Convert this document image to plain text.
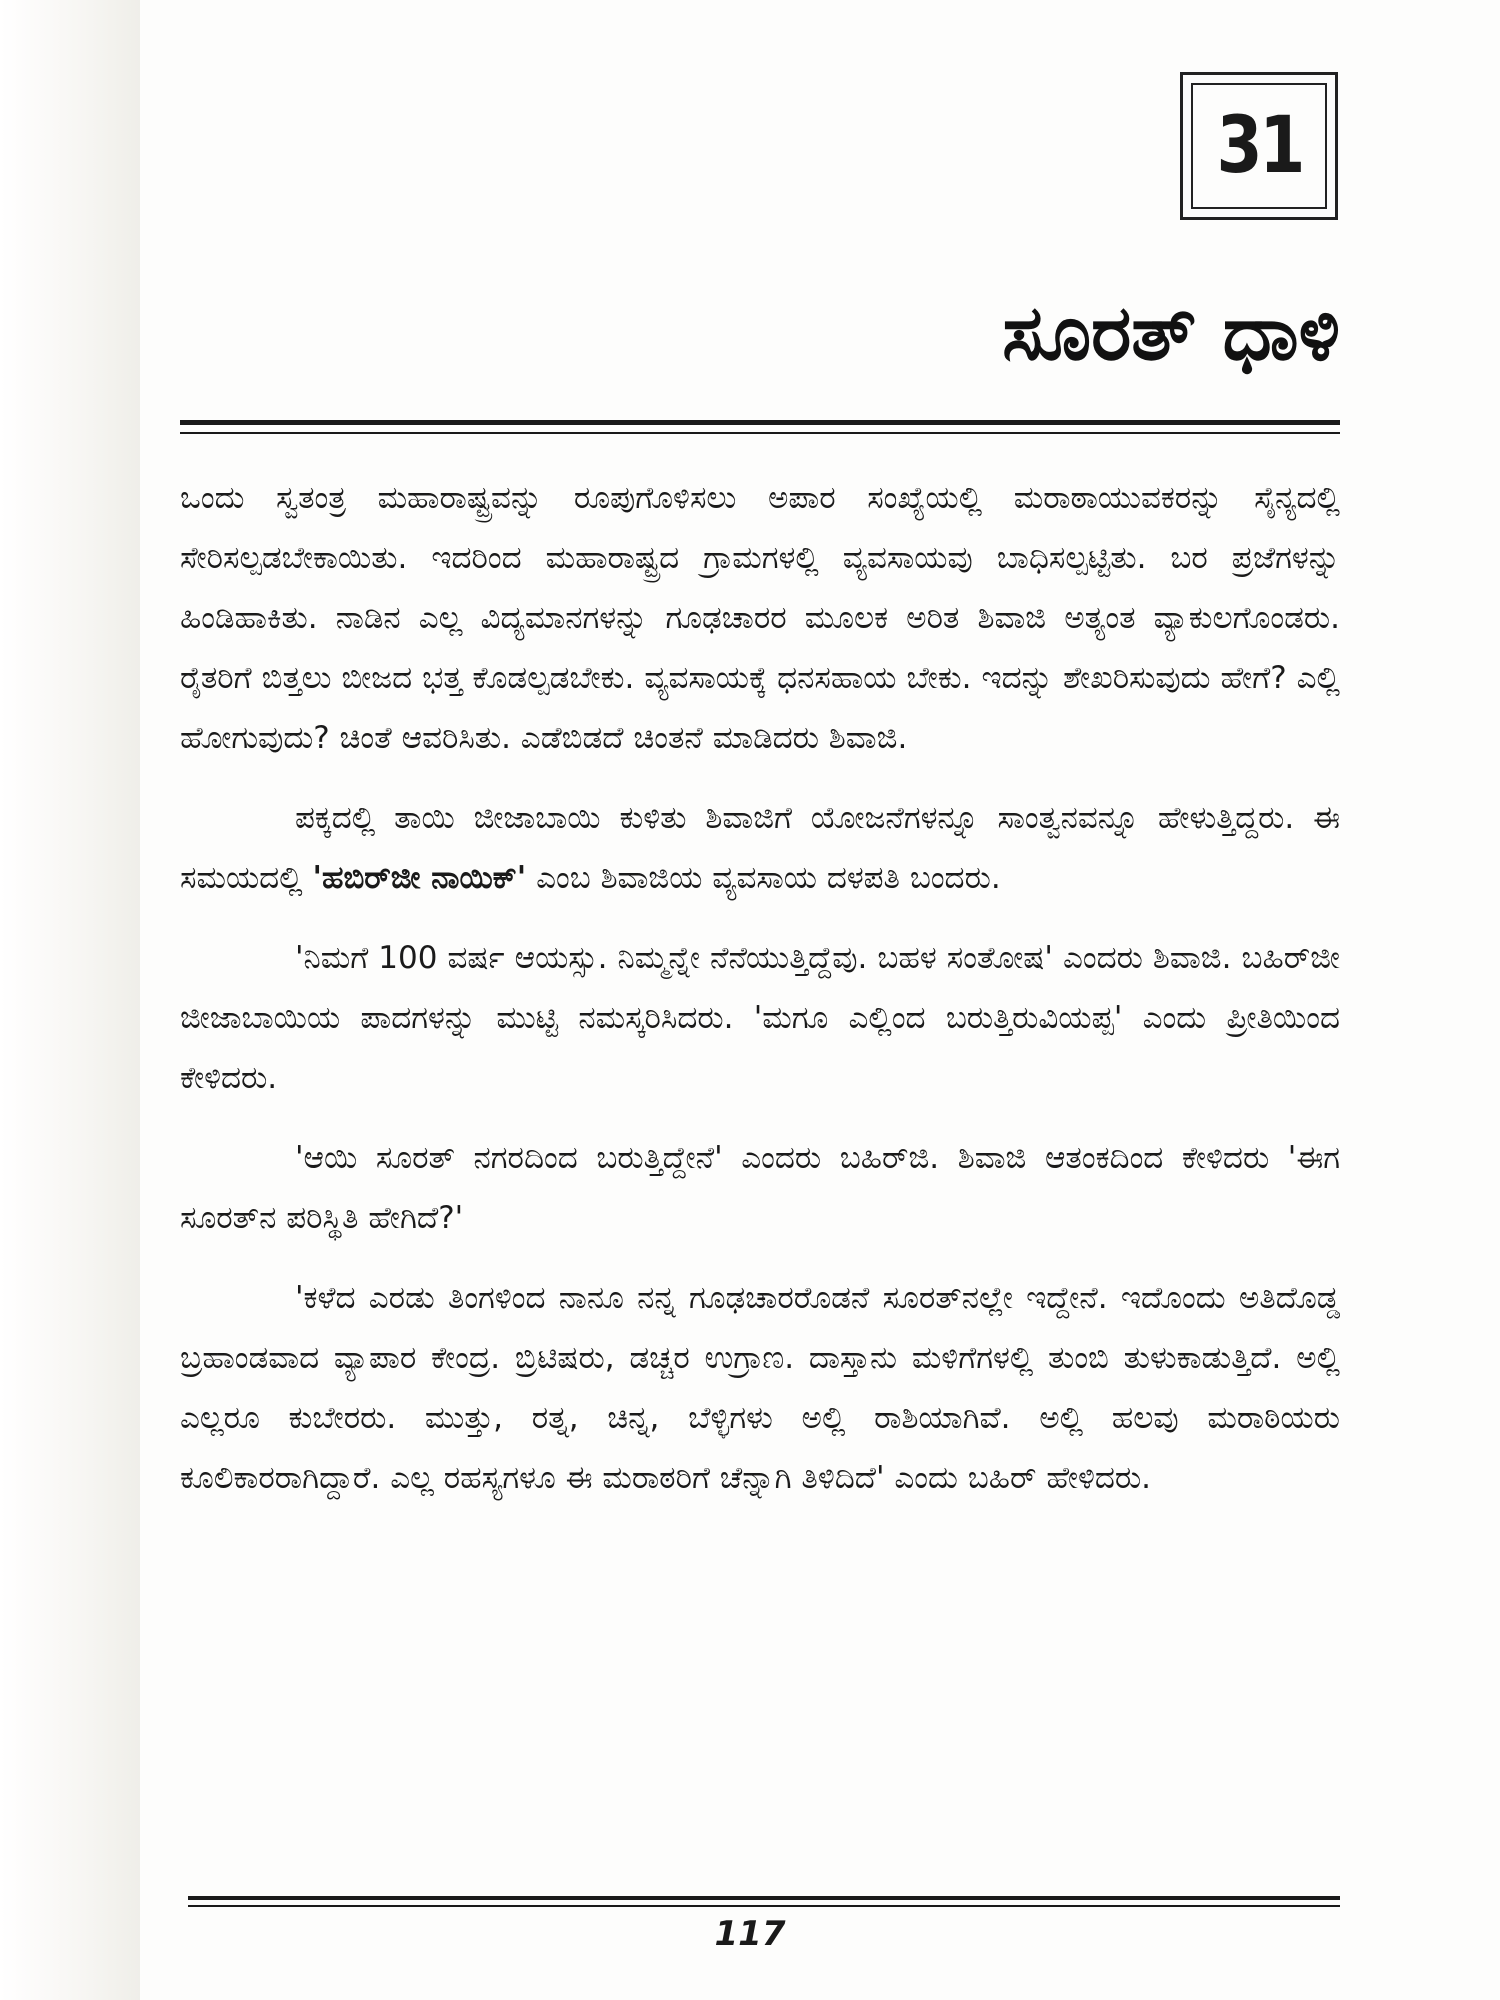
31
ಸೂರತ್ ಧಾಳಿ

ಒಂದು ಸ್ವತಂತ್ರ ಮಹಾರಾಷ್ಟ್ರವನ್ನು ರೂಪುಗೊಳಿಸಲು ಅಪಾರ ಸಂಖ್ಯೆಯಲ್ಲಿ ಮರಾಠಾಯುವಕರನ್ನು ಸೈನ್ಯದಲ್ಲಿ ಸೇರಿಸಲ್ಪಡಬೇಕಾಯಿತು. ಇದರಿಂದ ಮಹಾರಾಷ್ಟ್ರದ ಗ್ರಾಮಗಳಲ್ಲಿ ವ್ಯವಸಾಯವು ಬಾಧಿಸಲ್ಪಟ್ಟಿತು. ಬರ ಪ್ರಜೆಗಳನ್ನು ಹಿಂಡಿಹಾಕಿತು. ನಾಡಿನ ಎಲ್ಲ ವಿದ್ಯಮಾನಗಳನ್ನು ಗೂಢಚಾರರ ಮೂಲಕ ಅರಿತ ಶಿವಾಜಿ ಅತ್ಯಂತ ವ್ಯಾಕುಲಗೊಂಡರು. ರೈತರಿಗೆ ಬಿತ್ತಲು ಬೀಜದ ಭತ್ತ ಕೊಡಲ್ಪಡಬೇಕು. ವ್ಯವಸಾಯಕ್ಕೆ ಧನಸಹಾಯ ಬೇಕು. ಇದನ್ನು ಶೇಖರಿಸುವುದು ಹೇಗೆ? ಎಲ್ಲಿ ಹೋಗುವುದು? ಚಿಂತೆ ಆವರಿಸಿತು. ಎಡೆಬಿಡದೆ ಚಿಂತನೆ ಮಾಡಿದರು ಶಿವಾಜಿ.

ಪಕ್ಕದಲ್ಲಿ ತಾಯಿ ಜೀಜಾಬಾಯಿ ಕುಳಿತು ಶಿವಾಜಿಗೆ ಯೋಜನೆಗಳನ್ನೂ ಸಾಂತ್ವನವನ್ನೂ ಹೇಳುತ್ತಿದ್ದರು. ಈ ಸಮಯದಲ್ಲಿ 'ಹಬಿರ್‌ಜೀ ನಾಯಿಕ್' ಎಂಬ ಶಿವಾಜಿಯ ವ್ಯವಸಾಯ ದಳಪತಿ ಬಂದರು.

'ನಿಮಗೆ 100 ವರ್ಷ ಆಯಸ್ಸು. ನಿಮ್ಮನ್ನೇ ನೆನೆಯುತ್ತಿದ್ದೆವು. ಬಹಳ ಸಂತೋಷ' ಎಂದರು ಶಿವಾಜಿ. ಬಹಿರ್‌ಜೀ ಜೀಜಾಬಾಯಿಯ ಪಾದಗಳನ್ನು ಮುಟ್ಟಿ ನಮಸ್ಕರಿಸಿದರು. 'ಮಗೂ ಎಲ್ಲಿಂದ ಬರುತ್ತಿರುವಿಯಪ್ಪ' ಎಂದು ಪ್ರೀತಿಯಿಂದ ಕೇಳಿದರು.

'ಆಯಿ ಸೂರತ್ ನಗರದಿಂದ ಬರುತ್ತಿದ್ದೇನೆ' ಎಂದರು ಬಹಿರ್‌ಜಿ. ಶಿವಾಜಿ ಆತಂಕದಿಂದ ಕೇಳಿದರು 'ಈಗ ಸೂರತ್‌ನ ಪರಿಸ್ಥಿತಿ ಹೇಗಿದೆ?'

'ಕಳೆದ ಎರಡು ತಿಂಗಳಿಂದ ನಾನೂ ನನ್ನ ಗೂಢಚಾರರೊಡನೆ ಸೂರತ್‌ನಲ್ಲೇ ಇದ್ದೇನೆ. ಇದೊಂದು ಅತಿದೊಡ್ಡ ಬ್ರಹಾಂಡವಾದ ವ್ಯಾಪಾರ ಕೇಂದ್ರ. ಬ್ರಿಟಿಷರು, ಡಚ್ಚರ ಉಗ್ರಾಣ. ದಾಸ್ತಾನು ಮಳಿಗೆಗಳಲ್ಲಿ ತುಂಬಿ ತುಳುಕಾಡುತ್ತಿದೆ. ಅಲ್ಲಿ ಎಲ್ಲರೂ ಕುಬೇರರು. ಮುತ್ತು, ರತ್ನ, ಚಿನ್ನ, ಬೆಳ್ಳಿಗಳು ಅಲ್ಲಿ ರಾಶಿಯಾಗಿವೆ. ಅಲ್ಲಿ ಹಲವು ಮರಾಠಿಯರು ಕೂಲಿಕಾರರಾಗಿದ್ದಾರೆ. ಎಲ್ಲ ರಹಸ್ಯಗಳೂ ಈ ಮರಾಠರಿಗೆ ಚೆನ್ನಾಗಿ ತಿಳಿದಿದೆ' ಎಂದು ಬಹಿರ್ ಹೇಳಿದರು.

117
